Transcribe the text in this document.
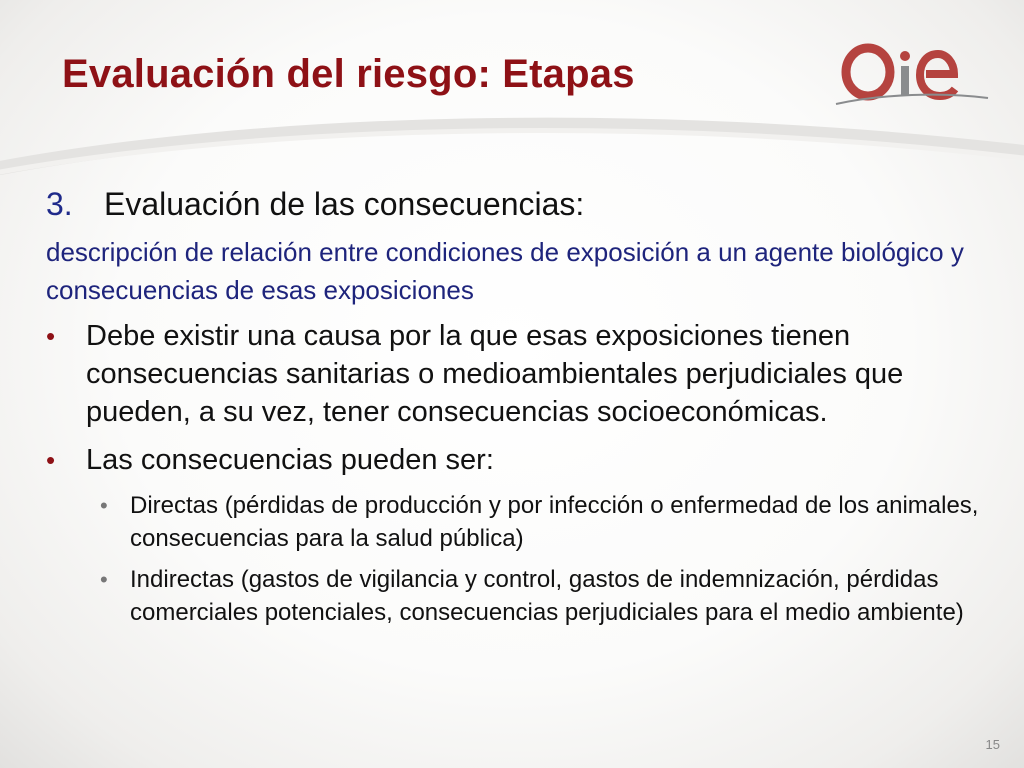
Evaluación del riesgo: Etapas
3. Evaluación de las consecuencias:

descripción de relación entre condiciones de exposición a un agente biológico y consecuencias de esas exposiciones

• Debe existir una causa por la que esas exposiciones tienen consecuencias sanitarias o medioambientales perjudiciales que pueden, a su vez, tener consecuencias socioeconómicas.
• Las consecuencias pueden ser:
• Directas (pérdidas de producción y por infección o enfermedad de los animales, consecuencias para la salud pública)
• Indirectas (gastos de vigilancia y control, gastos de indemnización, pérdidas comerciales potenciales, consecuencias perjudiciales para el medio ambiente)
15
